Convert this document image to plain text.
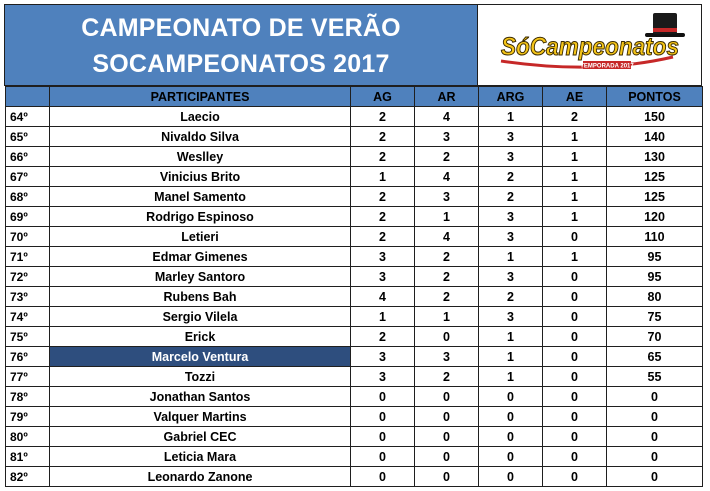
CAMPEONATO DE VERÃO
SOCAMPEONATOS 2017
SóCampeonatos
TEMPORADA 2017
	PARTICIPANTES	AG	AR	ARG	AE	PONTOS
64º	Laecio	2	4	1	2	150
65º	Nivaldo Silva	2	3	3	1	140
66º	Weslley	2	2	3	1	130
67º	Vinicius Brito	1	4	2	1	125
68º	Manel Samento	2	3	2	1	125
69º	Rodrigo Espinoso	2	1	3	1	120
70º	Letieri	2	4	3	0	110
71º	Edmar Gimenes	3	2	1	1	95
72º	Marley Santoro	3	2	3	0	95
73º	Rubens Bah	4	2	2	0	80
74º	Sergio Vilela	1	1	3	0	75
75º	Erick	2	0	1	0	70
76º	Marcelo Ventura	3	3	1	0	65
77º	Tozzi	3	2	1	0	55
78º	Jonathan Santos	0	0	0	0	0
79º	Valquer Martins	0	0	0	0	0
80º	Gabriel CEC	0	0	0	0	0
81º	Leticia Mara	0	0	0	0	0
82º	Leonardo Zanone	0	0	0	0	0
